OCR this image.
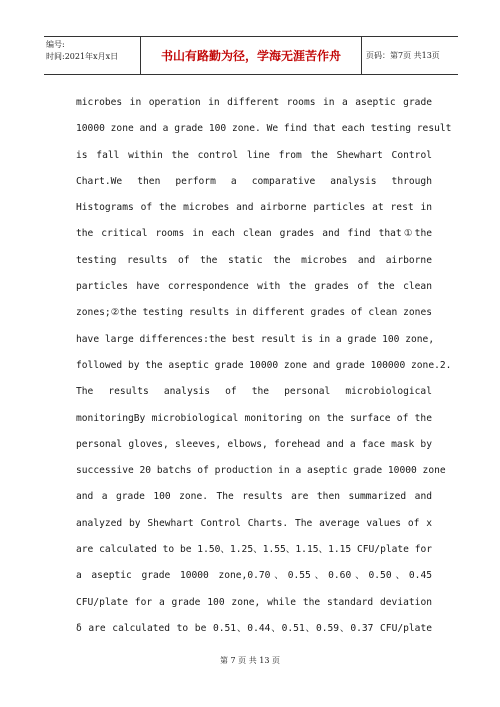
编号:
时间:2021年x月x日	书山有路勤为径，学海无涯苦作舟	页码：第7页 共13页

microbes in operation in different rooms in a aseptic grade

10000 zone and a grade 100 zone. We find that each testing result

is fall within the control line from the Shewhart Control

Chart.We then perform a comparative analysis through

Histograms of the microbes and airborne particles at rest in

the critical rooms in each clean grades and find that①the

testing results of the static the microbes and airborne

particles have correspondence with the grades of the clean

zones;②the testing results in different grades of clean zones

have large differences:the best result is in a grade 100 zone,

followed by the aseptic grade 10000 zone and grade 100000 zone.2.

The results analysis of the personal microbiological

monitoringBy microbiological monitoring on the surface of the

personal gloves, sleeves, elbows, forehead and a face mask by

successive 20 batchs of production in a aseptic grade 10000 zone

and a grade 100 zone. The results are then summarized and

analyzed by Shewhart Control Charts. The average values of x

are calculated to be 1.50、1.25、1.55、1.15、1.15 CFU/plate for

a aseptic grade 10000 zone,0.70、0.55、0.60、0.50、0.45

CFU/plate for a grade 100 zone, while the standard deviation

δ are calculated to be 0.51、0.44、0.51、0.59、0.37 CFU/plate

第 7 页 共 13 页
